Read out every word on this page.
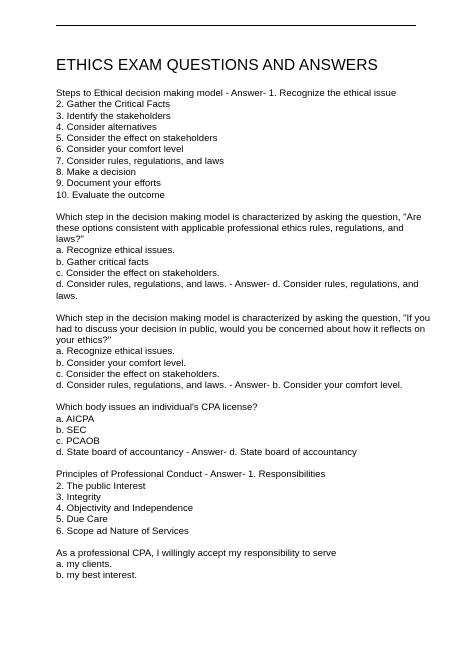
ETHICS EXAM QUESTIONS AND ANSWERS
Steps to Ethical decision making model - Answer- 1. Recognize the ethical issue
2. Gather the Critical Facts
3. Identify the stakeholders
4. Consider alternatives
5. Consider the effect on stakeholders
6. Consider your comfort level
7. Consider rules, regulations, and laws
8. Make a decision
9. Document your efforts
10. Evaluate the outcome
Which step in the decision making model is characterized by asking the question, "Are
these options consistent with applicable professional ethics rules, regulations, and
laws?"
a. Recognize ethical issues.
b. Gather critical facts
c. Consider the effect on stakeholders.
d. Consider rules, regulations, and laws. - Answer- d. Consider rules, regulations, and
laws.
Which step in the decision making model is characterized by asking the question, "If you
had to discuss your decision in public, would you be concerned about how it reflects on
your ethics?"
a. Recognize ethical issues.
b. Consider your comfort level.
c. Consider the effect on stakeholders.
d. Consider rules, regulations, and laws. - Answer- b. Consider your comfort level.
Which body issues an individual's CPA license?
a. AICPA
b. SEC
c. PCAOB
d. State board of accountancy - Answer- d. State board of accountancy
Principles of Professional Conduct - Answer- 1. Responsibilities
2. The public Interest
3. Integrity
4. Objectivity and Independence
5. Due Care
6. Scope ad Nature of Services
As a professional CPA, I willingly accept my responsibility to serve
a. my clients.
b. my best interest.
